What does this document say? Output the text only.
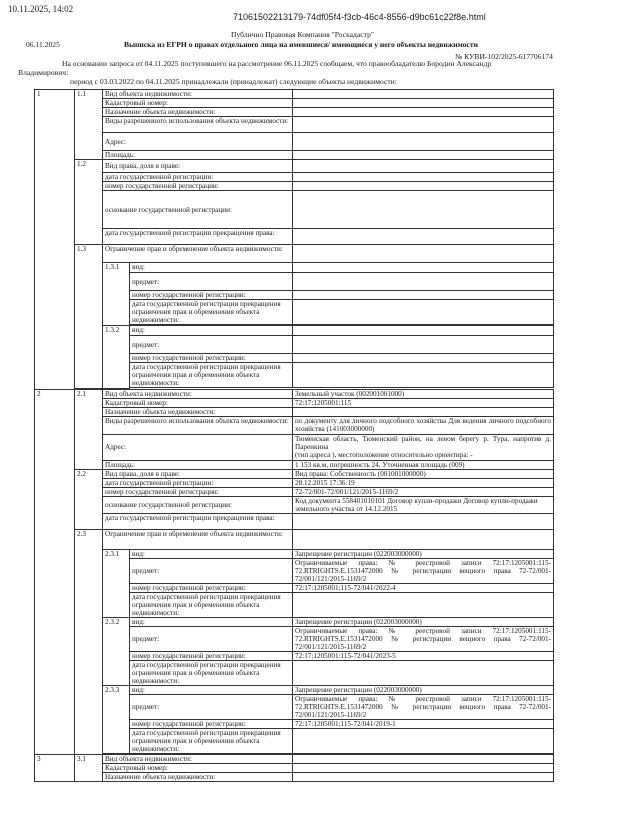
10.11.2025, 14:02
71061502213179-74df05f4-f3cb-46c4-8556-d9bc61c22f8e.html
Публично Правовая Компания "Роскадастр"
Выписка из ЕГРН о правах отдельного лица на имевшиеся/ имеющиеся у него объекты недвижимости
06.11.2025
№ КУВИ-102/2025-617706174
На основании запроса от 04.11.2025 поступившего на рассмотрение 06.11.2025 сообщаем, что правообладателю Бородин Александр
Владимирович:
период с 03.03.2022 по 04.11.2025 принадлежали (принадлежат) следующие объекты недвижимости:
1	1.1	Вид объекта недвижимости:		
		Кадастровый номер:		
		Назначение объекта недвижимости:		
		Виды разрешенного использования объекта недвижимости:		
		Адрес:		
		Площадь:		
	1.2	Вид права, доля в праве:		
		дата государственной регистрации:		
		номер государственной регистрации:		
		основание государственной регистрации:		
		дата государственной регистрации прекращения права:		
	1.3	Ограничение прав и обременение объекта недвижимости:		
		1.3.1	вид:	
			предмет:	
			номер государственной регистрации:	
			дата государственной регистрации прекращения ограничения прав и обременения объекта недвижимости:	

		1.3.2	вид:	
			предмет:	
			номер государственной регистрации:	
			дата государственной регистрации прекращения ограничения прав и обременения объекта недвижимости:	

2	2.1	Вид объекта недвижимости:		Земельный участок (002001001000)
		Кадастровый номер:		72:17:1205001:115
		Назначение объекта недвижимости:		
		Виды разрешенного использования объекта недвижимости:		по документу для личного подсобного хозяйства Для ведения личного подсобного хозяйства (141003000000)
		Адрес:		Тюменская область, Тюменский район, на левом берегу р. Тура, напротив д. Паренкина
(тип адреса ), местоположение относительно ориентира: -

		Площадь:		1 153 кв.м, погрешность 24, Уточненная площадь (009)
	2.2	Вид права, доля в праве:		Вид права: Собственность (001001000000)
		дата государственной регистрации:		28.12.2015 17:36:19
		номер государственной регистрации:		72-72/001-72/001/121/2015-1169/2
		основание государственной регистрации:		Код документа 558401010101 Договор купли-продажи Договор купли-продажи земельного участка от 14.12.2015
		дата государственной регистрации прекращения права:		
	2.3	Ограничение прав и обременение объекта недвижимости:		
		2.3.1	вид:	Запрещение регистрации (022003000000)
			предмет:	Ограничиваемые права: № реестровой записи 72:17:1205001:115-72.RTRIGHTS.E.1531472000 № регистрации вещного права 72-72/001-72/001/121/2015-1169/2
			номер государственной регистрации:	72:17:1205001:115-72/041/2022-4
			дата государственной регистрации прекращения ограничения прав и обременения объекта недвижимости:	
		2.3.2	вид:	Запрещение регистрации (022003000000)
			предмет:	Ограничиваемые права: № реестровой записи 72:17:1205001:115-72.RTRIGHTS.E.1531472000 № регистрации вещного права 72-72/001-72/001/121/2015-1169/2
			номер государственной регистрации:	72:17:1205001:115-72/041/2023-5
			дата государственной регистрации прекращения ограничения прав и обременения объекта недвижимости:	
		2.3.3	вид:	Запрещение регистрации (022003000000)
			предмет:	Ограничиваемые права: № реестровой записи 72:17:1205001:115-72.RTRIGHTS.E.1531472000 № регистрации вещного права 72-72/001-72/001/121/2015-1169/2
			номер государственной регистрации:	72:17:1205001:115-72/041/2019-1
			дата государственной регистрации прекращения ограничения прав и обременения объекта недвижимости:	

3	3.1	Вид объекта недвижимости:		
		Кадастровый номер:		
		Назначение объекта недвижимости:		
